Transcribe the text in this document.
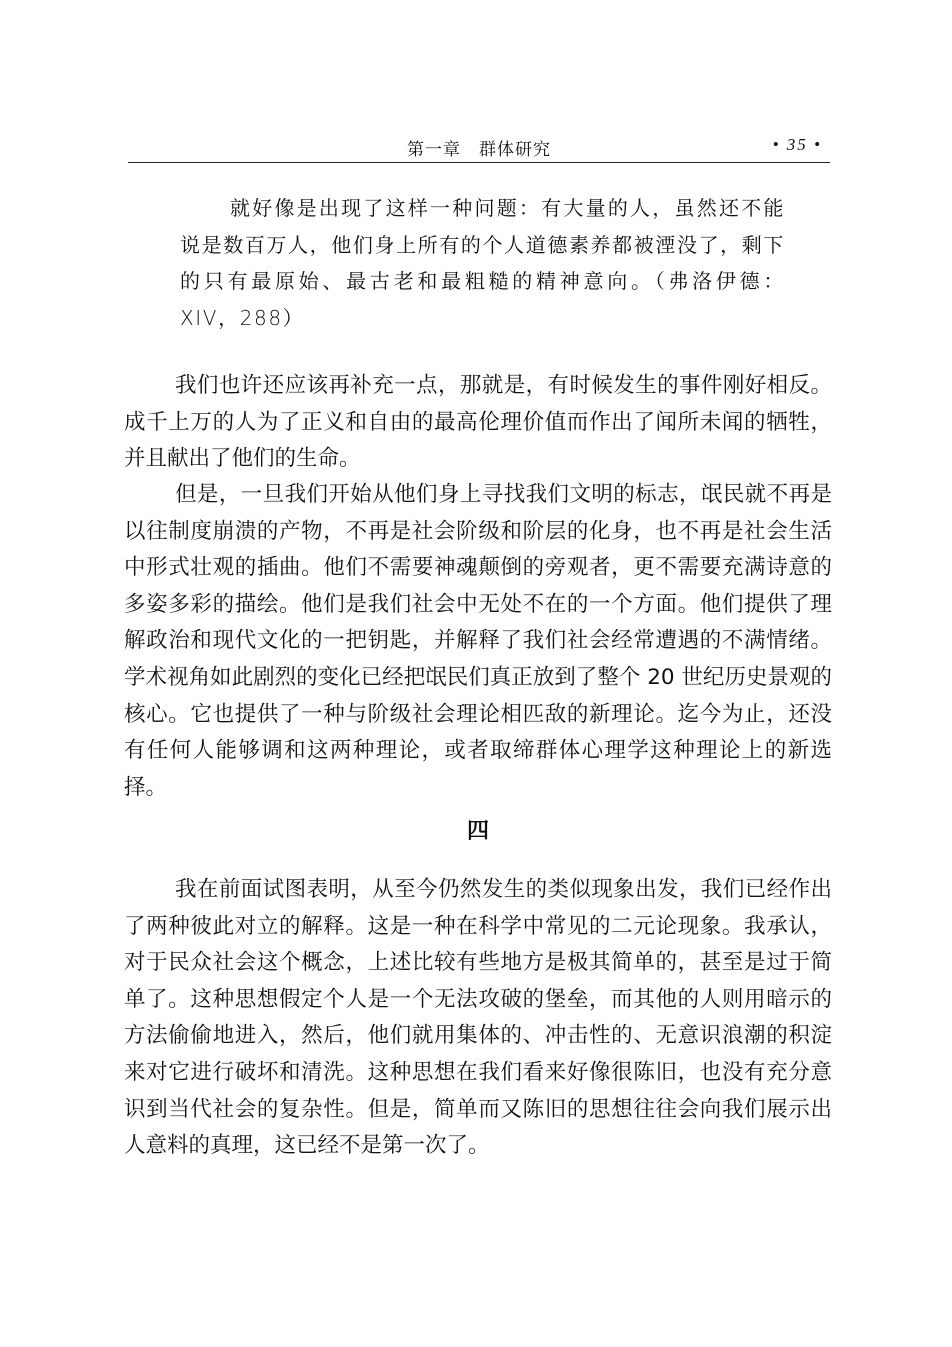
第一章　群体研究	• 35 •

就好像是出现了这样一种问题：有大量的人，虽然还不能说是数百万人，他们身上所有的个人道德素养都被湮没了，剩下的只有最原始、最古老和最粗糙的精神意向。（弗洛伊德：XIV，288）

我们也许还应该再补充一点，那就是，有时候发生的事件刚好相反。成千上万的人为了正义和自由的最高伦理价值而作出了闻所未闻的牺牲，并且献出了他们的生命。

但是，一旦我们开始从他们身上寻找我们文明的标志，氓民就不再是以往制度崩溃的产物，不再是社会阶级和阶层的化身，也不再是社会生活中形式壮观的插曲。他们不需要神魂颠倒的旁观者，更不需要充满诗意的多姿多彩的描绘。他们是我们社会中无处不在的一个方面。他们提供了理解政治和现代文化的一把钥匙，并解释了我们社会经常遭遇的不满情绪。学术视角如此剧烈的变化已经把氓民们真正放到了整个 20 世纪历史景观的核心。它也提供了一种与阶级社会理论相匹敌的新理论。迄今为止，还没有任何人能够调和这两种理论，或者取缔群体心理学这种理论上的新选择。

四

我在前面试图表明，从至今仍然发生的类似现象出发，我们已经作出了两种彼此对立的解释。这是一种在科学中常见的二元论现象。我承认，对于民众社会这个概念，上述比较有些地方是极其简单的，甚至是过于简单了。这种思想假定个人是一个无法攻破的堡垒，而其他的人则用暗示的方法偷偷地进入，然后，他们就用集体的、冲击性的、无意识浪潮的积淀来对它进行破坏和清洗。这种思想在我们看来好像很陈旧，也没有充分意识到当代社会的复杂性。但是，简单而又陈旧的思想往往会向我们展示出人意料的真理，这已经不是第一次了。
